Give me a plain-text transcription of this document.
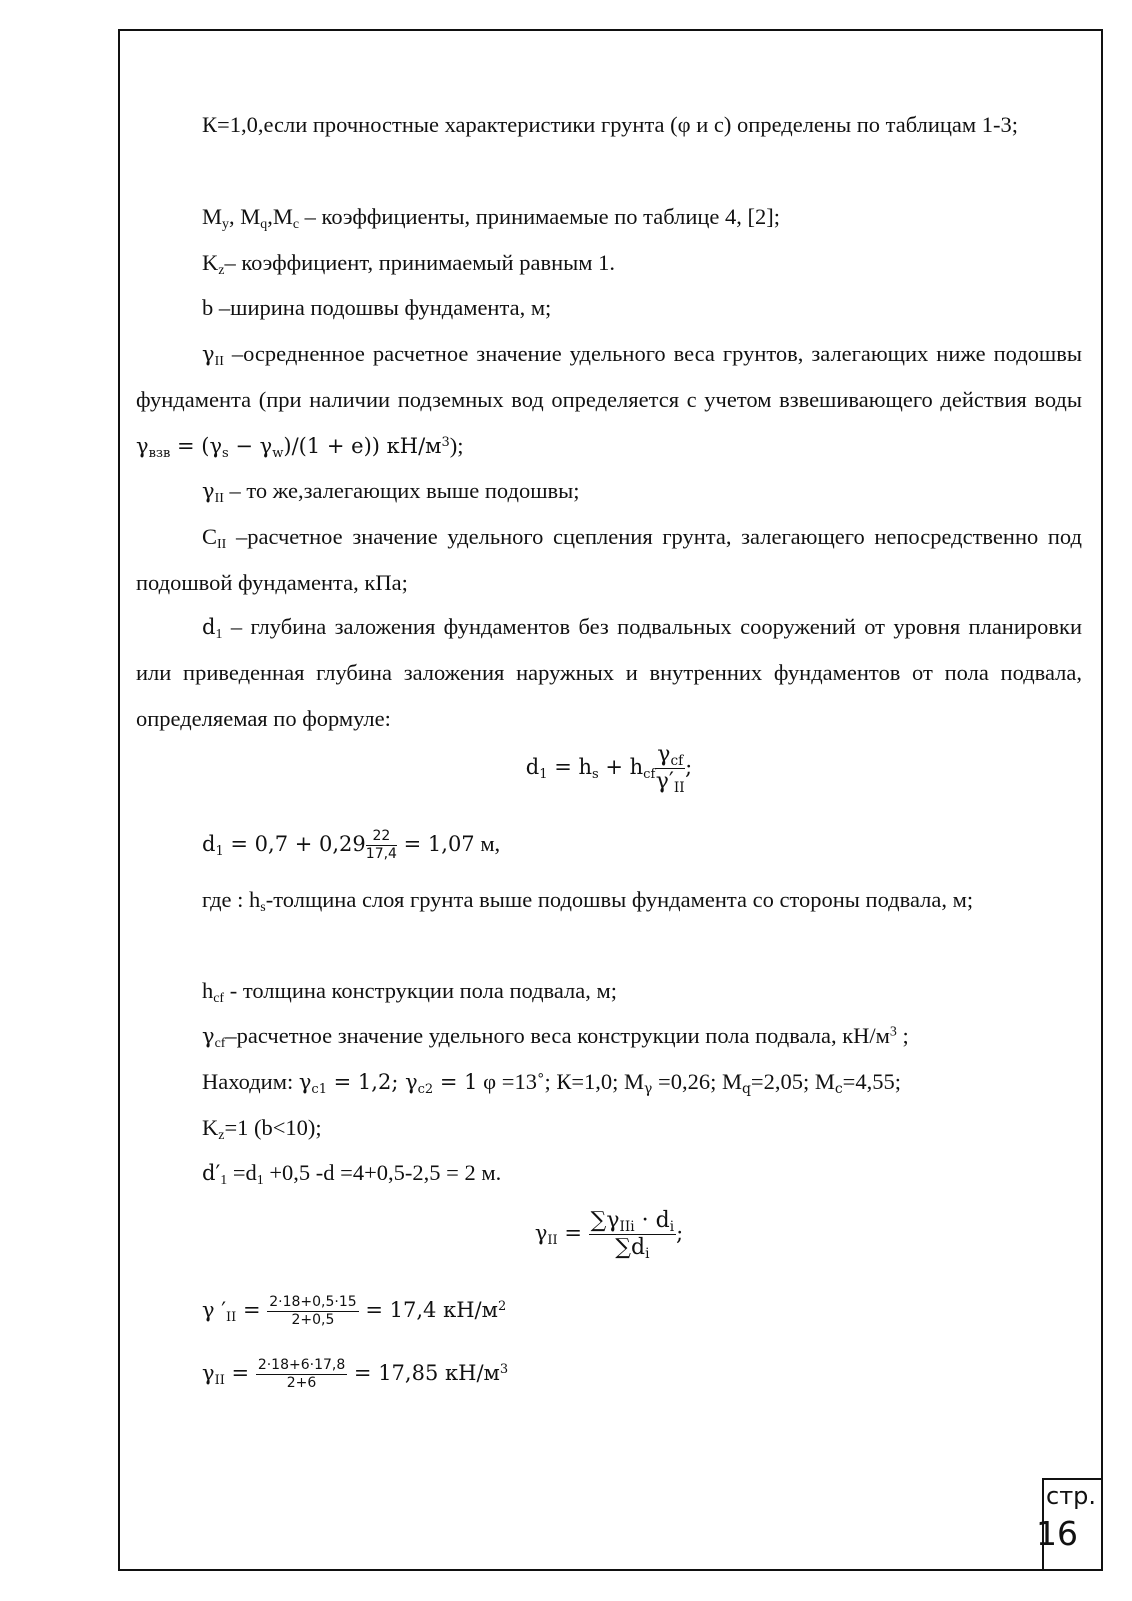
К=1,0,если прочностные характеристики грунта (φ и с) определены по таблицам 1-3;

$M_y$, $M_q,M_c$ – коэффициенты, принимаемые по таблице 4, [2];

$K_z-$ коэффициент, принимаемый равным 1.

b –ширина подошвы фундамента, м;

$\gamma_{II}$ –осредненное расчетное значение удельного веса грунтов, залегающих ниже подошвы фундамента (при наличии подземных вод определяется с учетом взвешивающего действия воды $\gamma_{взв} = (\gamma_s - \gamma_w)/(1 + e)$) $кН/м^3$);

$\gamma_{II}$ – то же,залегающих выше подошвы;

$C_{II}$ –расчетное значение удельного сцепления грунта, залегающего непосредственно под подошвой фундамента, кПа;

$d_1$ – глубина заложения фундаментов без подвальных сооружений от уровня планировки или приведенная глубина заложения наружных и внутренних фундаментов от пола подвала, определяемая по формуле:

$d_1 = h_s + h_{cf} \frac{\gamma_{cf}}{\gamma'_{II}}$ ;

$d_1 = 0,7 + 0,29 \frac{22}{17,4} = 1,07$ м,

где : $h_s$-толщина слоя грунта выше подошвы фундамента со стороны подвала, м;

$h_{cf}$ - толщина конструкции пола подвала, м;

$\gamma_{cf}$–расчетное значение удельного веса конструкции пола подвала, $кН/м^3$ ;

Находим: $\gamma_{c1} = 1,2$; $\gamma_{c2} = 1$ φ =13˚; К=1,0; $M_\gamma =0,26$; $M_q=2,05$; $M_c=4,55$;

$K_z=1$ (b<10);

$d'_1 =d_1 +0,5$ -d =4+0,5-2,5 = 2 м.

$\gamma_{II} = \frac{\sum\gamma_{IIi} \cdot d_i}{\sum d_i}$ ;

γ $'_{II} = \frac{2\cdot 18+0,5\cdot 15}{2+0,5} = 17,4$ $кН/м^2$

$\gamma_{II} = \frac{2\cdot 18+6\cdot 17,8}{2+6} = 17,85$ $кН/м^3$

стр.
16
